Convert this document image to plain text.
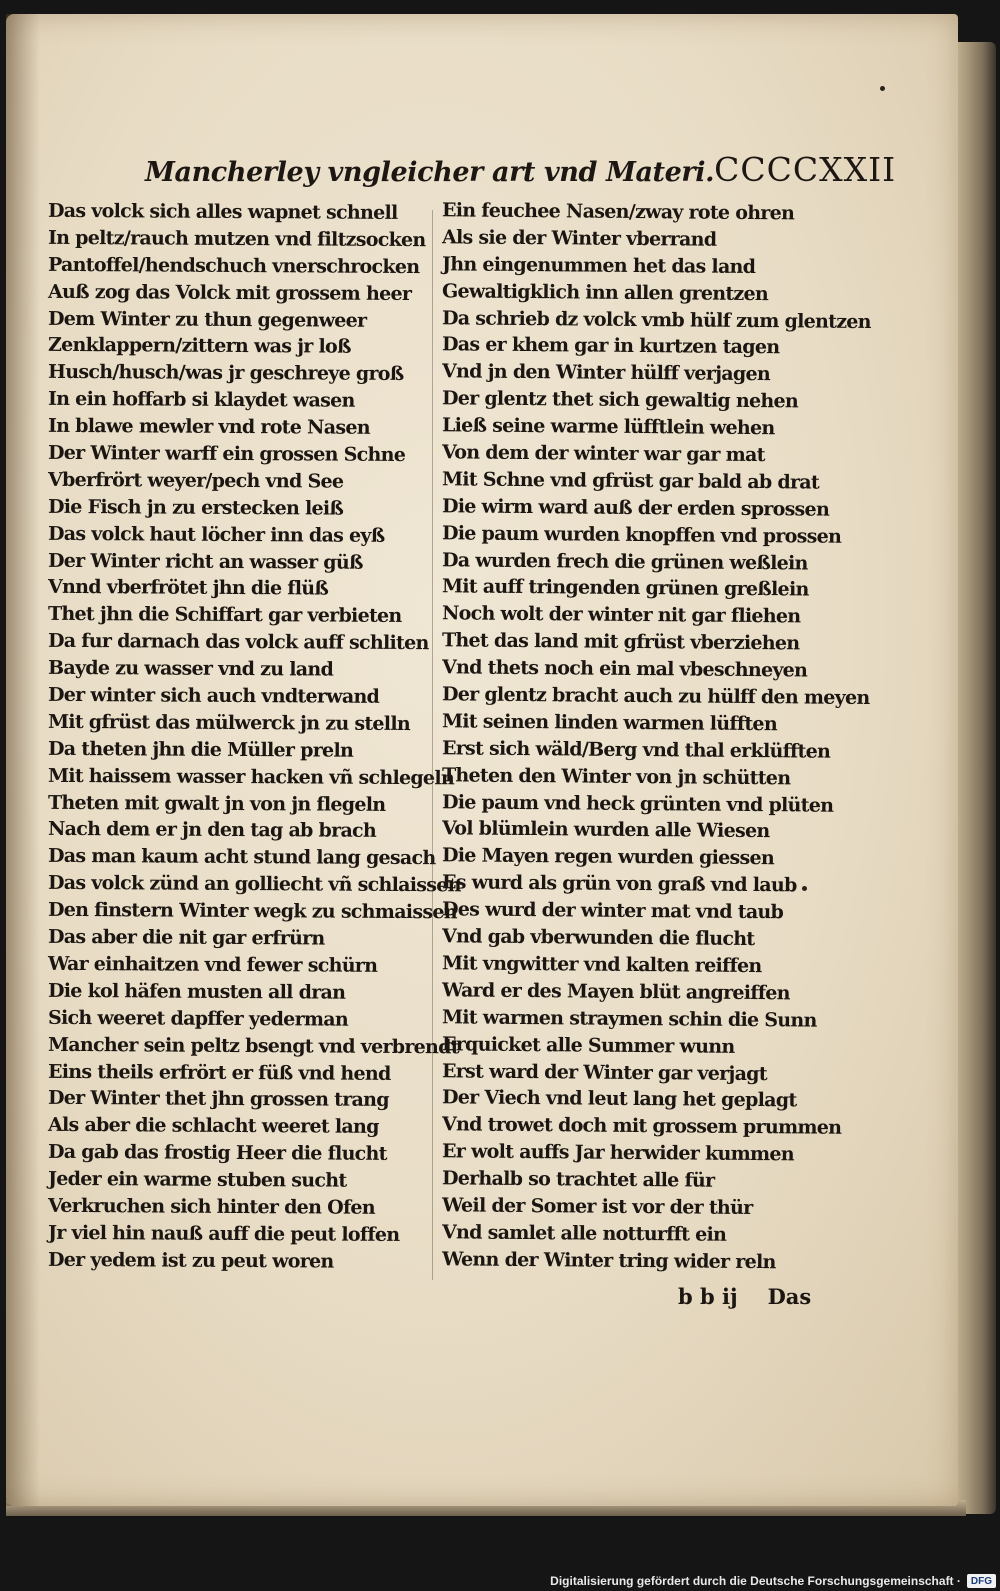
Mancherley vngleicher art vnd Materi. CCCCXXII
Das volck sich alles wapnet schnell
In peltz/rauch mutzen vnd filtzsocken
Pantoffel/hendschuch vnerschrocken
Auß zog das Volck mit grossem heer
Dem Winter zu thun gegenweer
Zenklappern/zittern was jr loß
Husch/husch/was jr geschreye groß
In ein hoffarb si klaydet wasen
In blawe mewler vnd rote Nasen
Der Winter warff ein grossen Schne
Vberfrört weyer/pech vnd See
Die Fisch jn zu erstecken leiß
Das volck haut löcher inn das eyß
Der Winter richt an wasser güß
Vnnd vberfrötet jhn die flüß
Thet jhn die Schiffart gar verbieten
Da fur darnach das volck auff schliten
Bayde zu wasser vnd zu land
Der winter sich auch vndterwand
Mit gfrüst das mülwerck jn zu stelln
Da theten jhn die Müller preln
Mit haissem wasser hacken vñ schlegeln
Theten mit gwalt jn von jn flegeln
Nach dem er jn den tag ab brach
Das man kaum acht stund lang gesach
Das volck zünd an golliecht vñ schlaissen
Den finstern Winter wegk zu schmaissen
Das aber die nit gar erfrürn
War einhaitzen vnd fewer schürn
Die kol häfen musten all dran
Sich weeret dapffer yederman
Mancher sein peltz bsengt vnd verbrendt
Eins theils erfrört er füß vnd hend
Der Winter thet jhn grossen trang
Als aber die schlacht weeret lang
Da gab das frostig Heer die flucht
Jeder ein warme stuben sucht
Verkruchen sich hinter den Ofen
Jr viel hin nauß auff die peut loffen
Der yedem ist zu peut woren
Ein feuchee Nasen/zway rote ohren
Als sie der Winter vberrand
Jhn eingenummen het das land
Gewaltigklich inn allen grentzen
Da schrieb dz volck vmb hülf zum glentzen
Das er khem gar in kurtzen tagen
Vnd jn den Winter hülff verjagen
Der glentz thet sich gewaltig nehen
Ließ seine warme lüfftlein wehen
Von dem der winter war gar mat
Mit Schne vnd gfrüst gar bald ab drat
Die wirm ward auß der erden sprossen
Die paum wurden knopffen vnd prossen
Da wurden frech die grünen weßlein
Mit auff tringenden grünen greßlein
Noch wolt der winter nit gar fliehen
Thet das land mit gfrüst vberziehen
Vnd thets noch ein mal vbeschneyen
Der glentz bracht auch zu hülff den meyen
Mit seinen linden warmen lüfften
Erst sich wäld/Berg vnd thal erklüfften
Theten den Winter von jn schütten
Die paum vnd heck grünten vnd plüten
Vol blümlein wurden alle Wiesen
Die Mayen regen wurden giessen
Es wurd als grün von graß vnd laub
Des wurd der winter mat vnd taub
Vnd gab vberwunden die flucht
Mit vngwitter vnd kalten reiffen
Ward er des Mayen blüt angreiffen
Mit warmen straymen schin die Sunn
Erquicket alle Summer wunn
Erst ward der Winter gar verjagt
Der Viech vnd leut lang het geplagt
Vnd trowet doch mit grossem prummen
Er wolt auffs Jar herwider kummen
Derhalb so trachtet alle für
Weil der Somer ist vor der thür
Vnd samlet alle notturfft ein
Wenn der Winter tring wider reln
b b ij Das
Digitalisierung gefördert durch die Deutsche Forschungsgemeinschaft ·	DFG
